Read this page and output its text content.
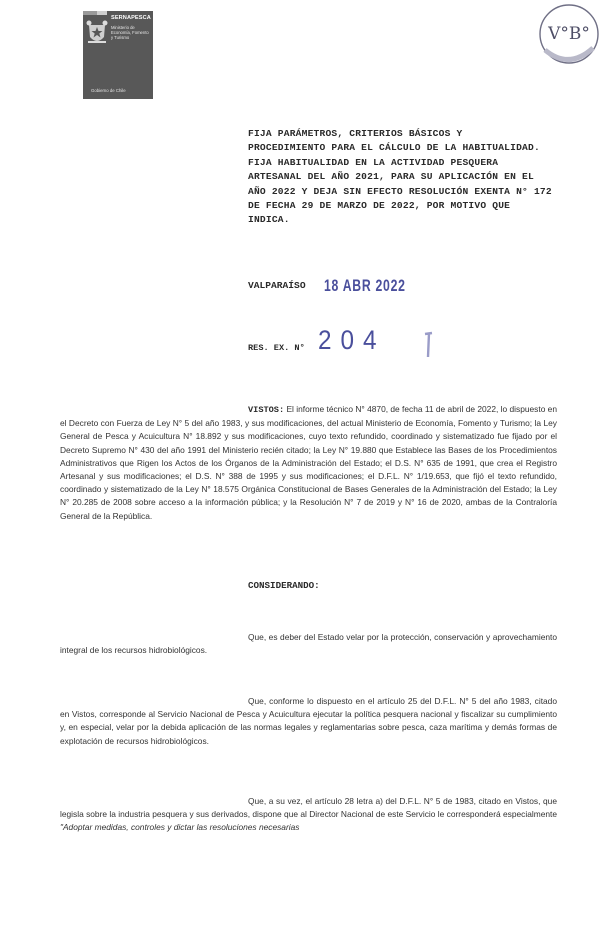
SERNAPESCA
Ministerio de Economía, Fomento y Turismo
Gobierno de Chile
V°B°

FIJA PARÁMETROS, CRITERIOS BÁSICOS Y

PROCEDIMIENTO PARA EL CÁLCULO DE LA HABITUALIDAD.

FIJA HABITUALIDAD EN LA ACTIVIDAD PESQUERA

ARTESANAL DEL AÑO 2021, PARA SU APLICACIÓN EN EL

AÑO 2022 Y DEJA SIN EFECTO RESOLUCIÓN EXENTA N° 172

DE FECHA 29 DE MARZO DE 2022, POR MOTIVO QUE

INDICA.

VALPARAÍSO 18 ABR 2022
RES. EX. N° 204

VISTOS: El informe técnico N° 4870, de fecha 11 de abril de 2022, lo dispuesto en el Decreto con Fuerza de Ley N° 5 del año 1983, y sus modificaciones, del actual Ministerio de Economía, Fomento y Turismo; la Ley General de Pesca y Acuicultura N° 18.892 y sus modificaciones, cuyo texto refundido, coordinado y sistematizado fue fijado por el Decreto Supremo N° 430 del año 1991 del Ministerio recién citado; la Ley N° 19.880 que Establece las Bases de los Procedimientos Administrativos que Rigen los Actos de los Órganos de la Administración del Estado; el D.S. N° 635 de 1991, que crea el Registro Artesanal y sus modificaciones; el D.S. N° 388 de 1995 y sus modificaciones; el D.F.L. N° 1/19.653, que fijó el texto refundido, coordinado y sistematizado de la Ley N° 18.575 Orgánica Constitucional de Bases Generales de la Administración del Estado; la Ley N° 20.285 de 2008 sobre acceso a la información pública; y la Resolución N° 7 de 2019 y N° 16 de 2020, ambas de la Contraloría General de la República.

CONSIDERANDO:

Que, es deber del Estado velar por la protección, conservación y aprovechamiento integral de los recursos hidrobiológicos.

Que, conforme lo dispuesto en el artículo 25 del D.F.L. N° 5 del año 1983, citado en Vistos, corresponde al Servicio Nacional de Pesca y Acuicultura ejecutar la política pesquera nacional y fiscalizar su cumplimiento y, en especial, velar por la debida aplicación de las normas legales y reglamentarias sobre pesca, caza marítima y demás formas de explotación de recursos hidrobiológicos.

Que, a su vez, el artículo 28 letra a) del D.F.L. N° 5 de 1983, citado en Vistos, que legisla sobre la industria pesquera y sus derivados, dispone que al Director Nacional de este Servicio le corresponderá especialmente "Adoptar medidas, controles y dictar las resoluciones necesarias
